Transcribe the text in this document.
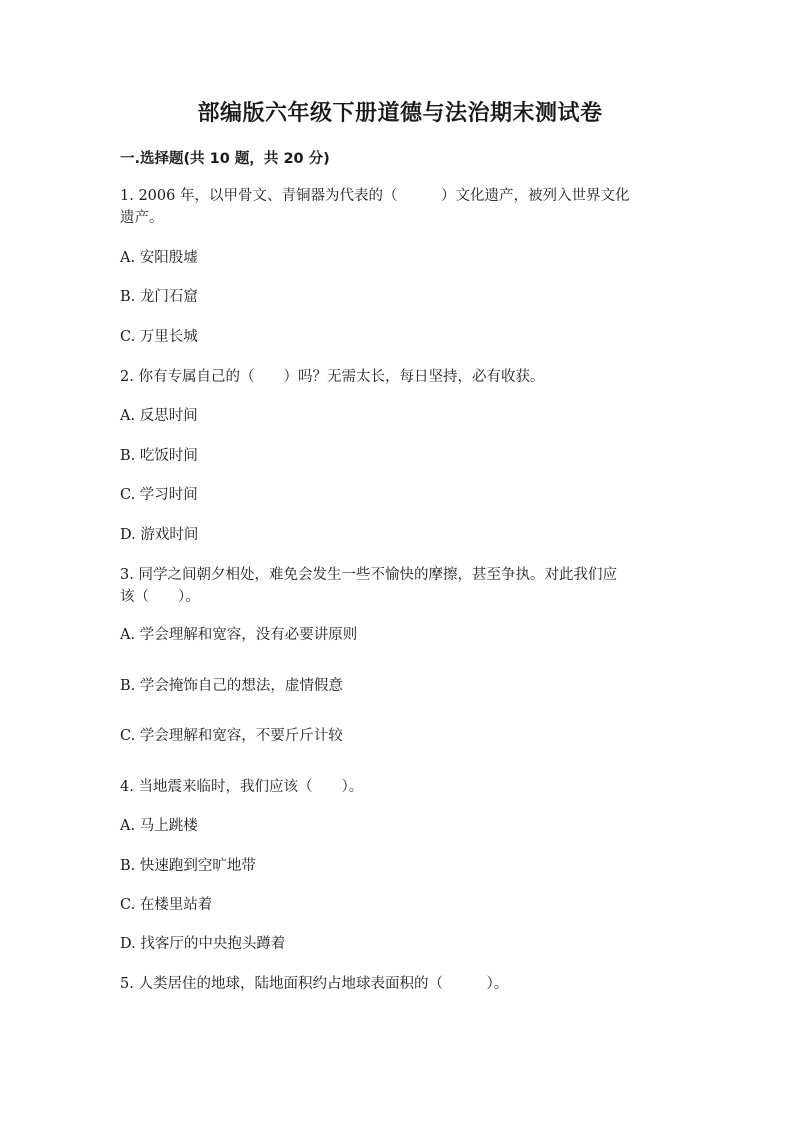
部编版六年级下册道德与法治期末测试卷
一.选择题(共 10 题，共 20 分)

1. 2006 年，以甲骨文、青铜器为代表的（　　　）文化遗产，被列入世界文化

遗产。

A. 安阳殷墟

B. 龙门石窟

C. 万里长城

2. 你有专属自己的（　　）吗？无需太长，每日坚持，必有收获。

A. 反思时间

B. 吃饭时间

C. 学习时间

D. 游戏时间

3. 同学之间朝夕相处，难免会发生一些不愉快的摩擦，甚至争执。对此我们应

该（　　）。

A. 学会理解和宽容，没有必要讲原则

B. 学会掩饰自己的想法，虚情假意

C. 学会理解和宽容，不要斤斤计较

4. 当地震来临时，我们应该（　　）。

A. 马上跳楼

B. 快速跑到空旷地带

C. 在楼里站着

D. 找客厅的中央抱头蹲着

5. 人类居住的地球，陆地面积约占地球表面积的（　　　）。
